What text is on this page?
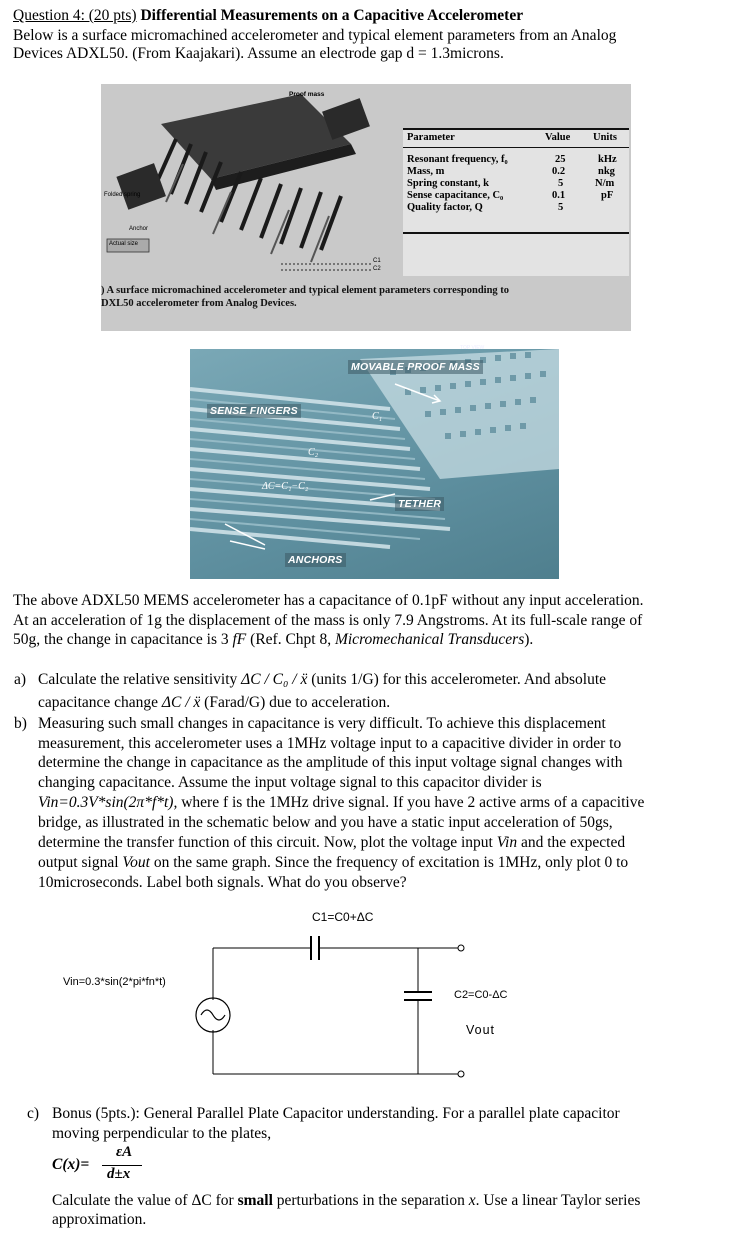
Question 4: (20 pts) Differential Measurements on a Capacitive Accelerometer
Below is a surface micromachined accelerometer and typical element parameters from an Analog
Devices ADXL50. (From Kaajakari). Assume an electrode gap d = 1.3microns.
Proof mass
Folded spring
Anchor
Actual size
C1
C2
Parameter	Value Units
Resonant frequency, f₀	25	kHz
Mass, m	0.2	nkg
Spring constant, k	5	N/m
Sense capacitance, C₀	0.1	pF
Quality factor, Q	5
) A surface micromachined accelerometer and typical element parameters corresponding to
DXL50 accelerometer from Analog Devices.
TOP VIEW
MOVABLE PROOF MASS
SENSE FINGERS
TETHER
ANCHORS
C₁
C₂
ΔC=C₁−C₂
The above ADXL50 MEMS accelerometer has a capacitance of 0.1pF without any input acceleration.
At an acceleration of 1g the displacement of the mass is only 7.9 Angstroms. At its full-scale range of
50g, the change in capacitance is 3 fF (Ref. Chpt 8, Micromechanical Transducers).
a) Calculate the relative sensitivity ΔC / C₀ / ẍ (units 1/G) for this accelerometer. And absolute
capacitance change ΔC / ẍ (Farad/G) due to acceleration.
b) Measuring such small changes in capacitance is very difficult. To achieve this displacement
measurement, this accelerometer uses a 1MHz voltage input to a capacitive divider in order to
determine the change in capacitance as the amplitude of this input voltage signal changes with
changing capacitance. Assume the input voltage signal to this capacitor divider is
Vin=0.3V*sin(2π*f*t), where f is the 1MHz drive signal. If you have 2 active arms of a capacitive
bridge, as illustrated in the schematic below and you have a static input acceleration of 50gs,
determine the transfer function of this circuit. Now, plot the voltage input Vin and the expected
output signal Vout on the same graph. Since the frequency of excitation is 1MHz, only plot 0 to
10microseconds. Label both signals. What do you observe?
C1=C0+ΔC
Vin=0.3*sin(2*pi*fn*t)
C2=C0-ΔC
Vout
c) Bonus (5pts.): General Parallel Plate Capacitor understanding. For a parallel plate capacitor
moving perpendicular to the plates,
C(x)=
εA
d±x
Calculate the value of ΔC for small perturbations in the separation x. Use a linear Taylor series
approximation.
